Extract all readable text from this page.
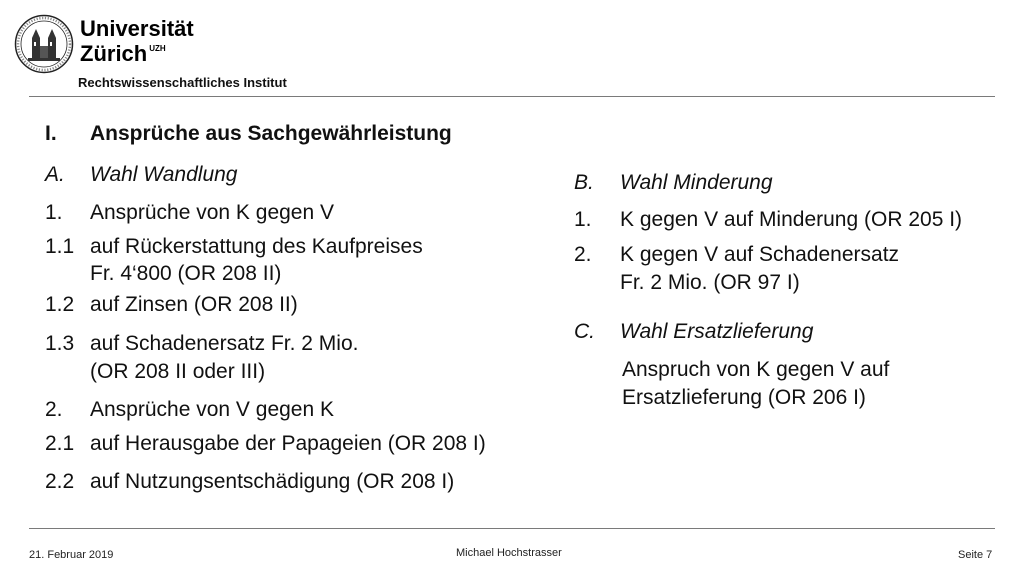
Universität
Zürich $^{UZH}$
Rechtswissenschaftliches Institut
I. Ansprüche aus Sachgewährleistung
A. Wahl Wandlung
1. Ansprüche von K gegen V
1.1 auf Rückerstattung des Kaufpreises
Fr. 4‘800 (OR 208 II)
1.2 auf Zinsen (OR 208 II)
1.3 auf Schadenersatz Fr. 2 Mio.
(OR 208 II oder III)
2. Ansprüche von V gegen K
2.1 auf Herausgabe der Papageien (OR 208 I)
2.2 auf Nutzungsentschädigung (OR 208 I)
B. Wahl Minderung
1. K gegen V auf Minderung (OR 205 I)
2. K gegen V auf Schadenersatz
Fr. 2 Mio. (OR 97 I)
C. Wahl Ersatzlieferung
Anspruch von K gegen V auf
Ersatzlieferung (OR 206 I)
21. Februar 2019	Michael Hochstrasser	Seite 7
